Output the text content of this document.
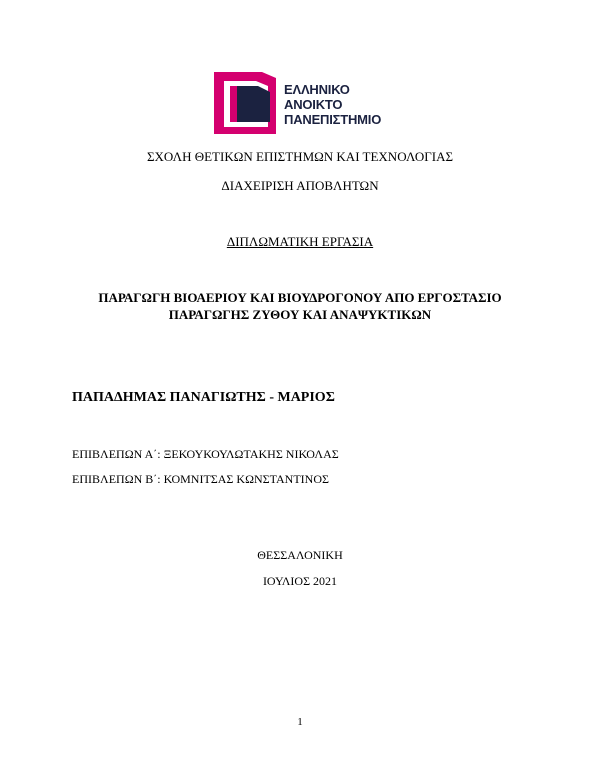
ΕΛΛΗΝΙΚΟ
ΑΝΟΙΚΤΟ
ΠΑΝΕΠΙΣΤΗΜΙΟ
ΣΧΟΛΗ ΘΕΤΙΚΩΝ ΕΠΙΣΤΗΜΩΝ ΚΑΙ ΤΕΧΝΟΛΟΓΙΑΣ
ΔΙΑΧΕΙΡΙΣΗ ΑΠΟΒΛΗΤΩΝ
ΔΙΠΛΩΜΑΤΙΚΗ ΕΡΓΑΣΙΑ
ΠΑΡΑΓΩΓΗ ΒΙΟΑΕΡΙΟΥ ΚΑΙ ΒΙΟΥΔΡΟΓΟΝΟΥ ΑΠΟ ΕΡΓΟΣΤΑΣΙΟ
ΠΑΡΑΓΩΓΗΣ ΖΥΘΟΥ ΚΑΙ ΑΝΑΨΥΚΤΙΚΩΝ
ΠΑΠΑΔΗΜΑΣ ΠΑΝΑΓΙΩΤΗΣ - ΜΑΡΙΟΣ
ΕΠΙΒΛΕΠΩΝ Α΄: ΞΕΚΟΥΚΟΥΛΩΤΑΚΗΣ ΝΙΚΟΛΑΣ
ΕΠΙΒΛΕΠΩΝ Β΄: ΚΟΜΝΙΤΣΑΣ ΚΩΝΣΤΑΝΤΙΝΟΣ
ΘΕΣΣΑΛΟΝΙΚΗ
ΙΟΥΛΙΟΣ 2021
1
